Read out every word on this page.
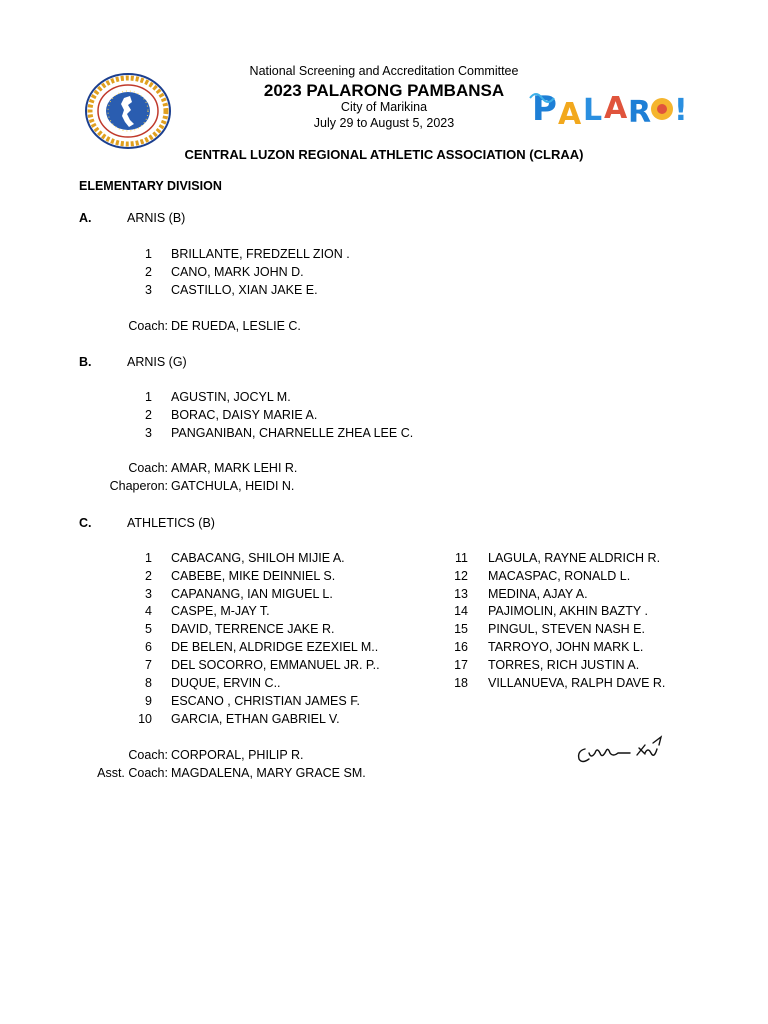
P A L A R !
National Screening and Accreditation Committee
2023 PALARONG PAMBANSA
City of Marikina
July 29 to August 5, 2023
CENTRAL LUZON REGIONAL ATHLETIC ASSOCIATION (CLRAA)
ELEMENTARY DIVISION
A.	ARNIS (B)
1 BRILLANTE, FREDZELL ZION .
2 CANO, MARK JOHN D.
3 CASTILLO, XIAN JAKE E.
Coach: DE RUEDA, LESLIE C.
B.	ARNIS (G)
1 AGUSTIN, JOCYL M.
2 BORAC, DAISY MARIE A.
3 PANGANIBAN, CHARNELLE ZHEA LEE C.
Coach: AMAR, MARK LEHI R.
Chaperon: GATCHULA, HEIDI N.
C.	ATHLETICS (B)
1 CABACANG, SHILOH MIJIE A.
2 CABEBE, MIKE DEINNIEL S.
3 CAPANANG, IAN MIGUEL L.
4 CASPE, M-JAY T.
5 DAVID, TERRENCE JAKE R.
6 DE BELEN, ALDRIDGE EZEXIEL M..
7 DEL SOCORRO, EMMANUEL JR. P..
8 DUQUE, ERVIN C..
9 ESCANO , CHRISTIAN JAMES F.
10 GARCIA, ETHAN GABRIEL V.
11 LAGULA, RAYNE ALDRICH R.
12 MACASPAC, RONALD L.
13 MEDINA, AJAY A.
14 PAJIMOLIN, AKHIN BAZTY .
15 PINGUL, STEVEN NASH E.
16 TARROYO, JOHN MARK L.
17 TORRES, RICH JUSTIN A.
18 VILLANUEVA, RALPH DAVE R.
Coach: CORPORAL, PHILIP R.
Asst. Coach: MAGDALENA, MARY GRACE SM.
